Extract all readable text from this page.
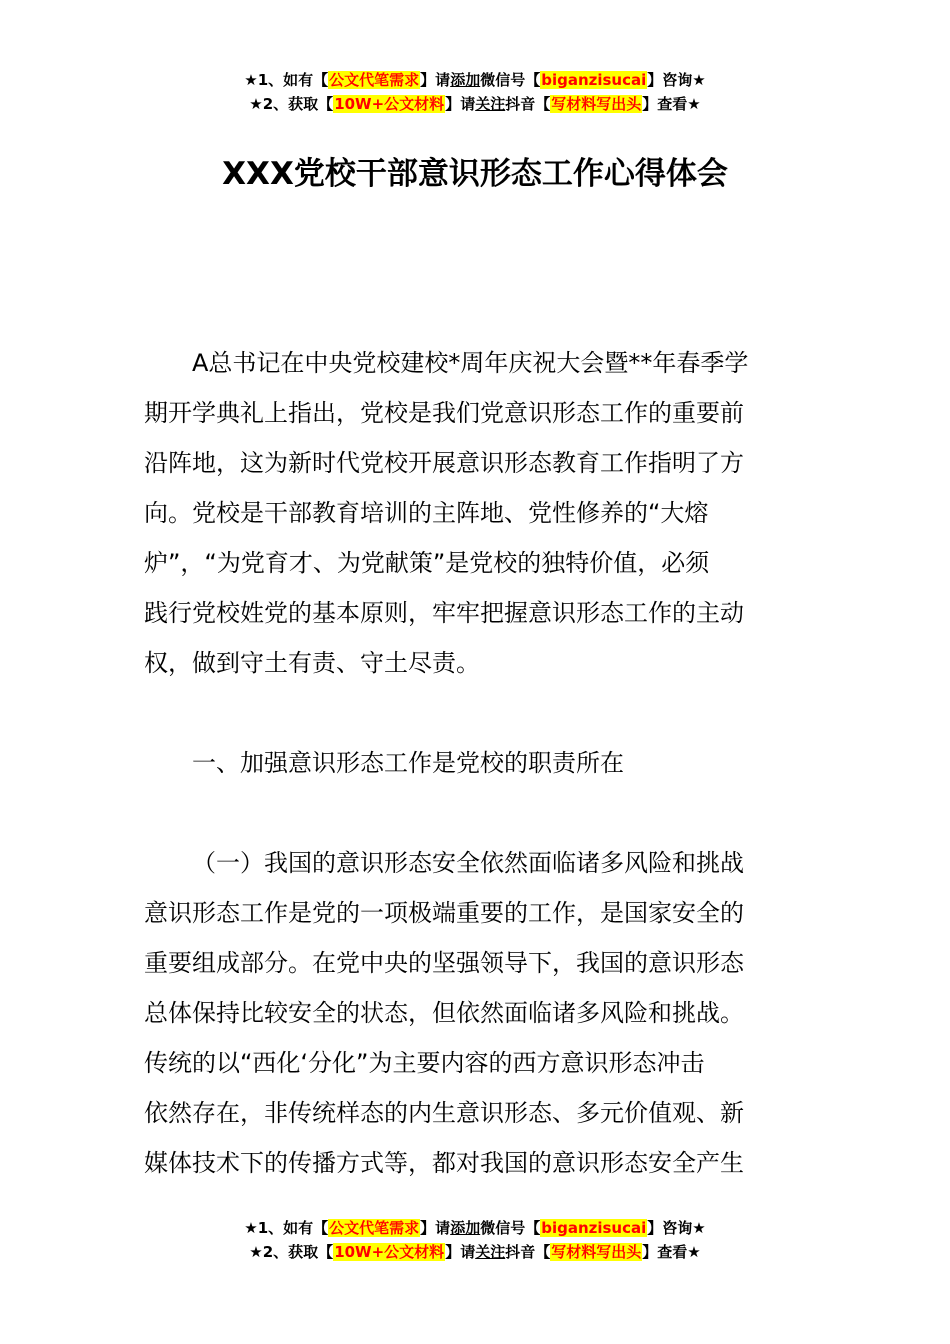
★1、如有【公文代笔需求】请添加微信号【biganzisucai】咨询★
★2、获取【10W+公文材料】请关注抖音【写材料写出头】查看★
XXX党校干部意识形态工作心得体会
A总书记在中央党校建校*周年庆祝大会暨**年春季学
期开学典礼上指出，党校是我们党意识形态工作的重要前
沿阵地，这为新时代党校开展意识形态教育工作指明了方
向。党校是干部教育培训的主阵地、党性修养的“大熔
炉”，“为党育才、为党献策”是党校的独特价值，必须
践行党校姓党的基本原则，牢牢把握意识形态工作的主动
权，做到守土有责、守土尽责。
一、加强意识形态工作是党校的职责所在
（一）我国的意识形态安全依然面临诸多风险和挑战
意识形态工作是党的一项极端重要的工作，是国家安全的
重要组成部分。在党中央的坚强领导下，我国的意识形态
总体保持比较安全的状态，但依然面临诸多风险和挑战。
传统的以“西化‘分化”为主要内容的西方意识形态冲击
依然存在，非传统样态的内生意识形态、多元价值观、新
媒体技术下的传播方式等，都对我国的意识形态安全产生
★1、如有【公文代笔需求】请添加微信号【biganzisucai】咨询★
★2、获取【10W+公文材料】请关注抖音【写材料写出头】查看★
